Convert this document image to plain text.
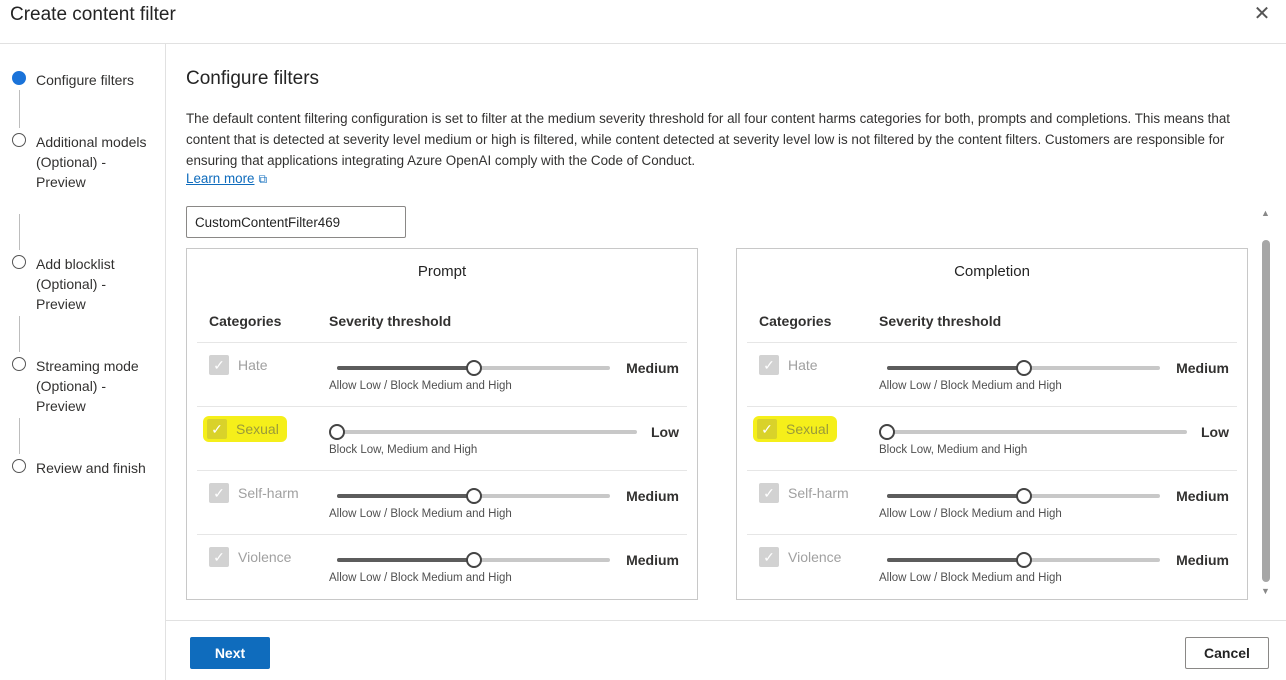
Create content filter	✕
Configure filters
Additional models (Optional) - Preview
Add blocklist (Optional) - Preview
Streaming mode (Optional) - Preview
Review and finish
Configure filters
The default content filtering configuration is set to filter at the medium severity threshold for all four content harms categories for both, prompts and completions. This means that content that is detected at severity level medium or high is filtered, while content detected at severity level low is not filtered by the content filters. Customers are responsible for ensuring that applications integrating Azure OpenAI comply with the Code of Conduct.
Learn more ⧉
CustomContentFilter469
Prompt
Categories	Severity threshold
✓ Hate	Medium
Allow Low / Block Medium and High
✓ Sexual	Low
Block Low, Medium and High
✓ Self-harm	Medium
Allow Low / Block Medium and High
✓ Violence	Medium
Allow Low / Block Medium and High
Completion
Categories	Severity threshold
✓ Hate	Medium
Allow Low / Block Medium and High
✓ Sexual	Low
Block Low, Medium and High
✓ Self-harm	Medium
Allow Low / Block Medium and High
✓ Violence	Medium
Allow Low / Block Medium and High
▲
▼
Next	Cancel
